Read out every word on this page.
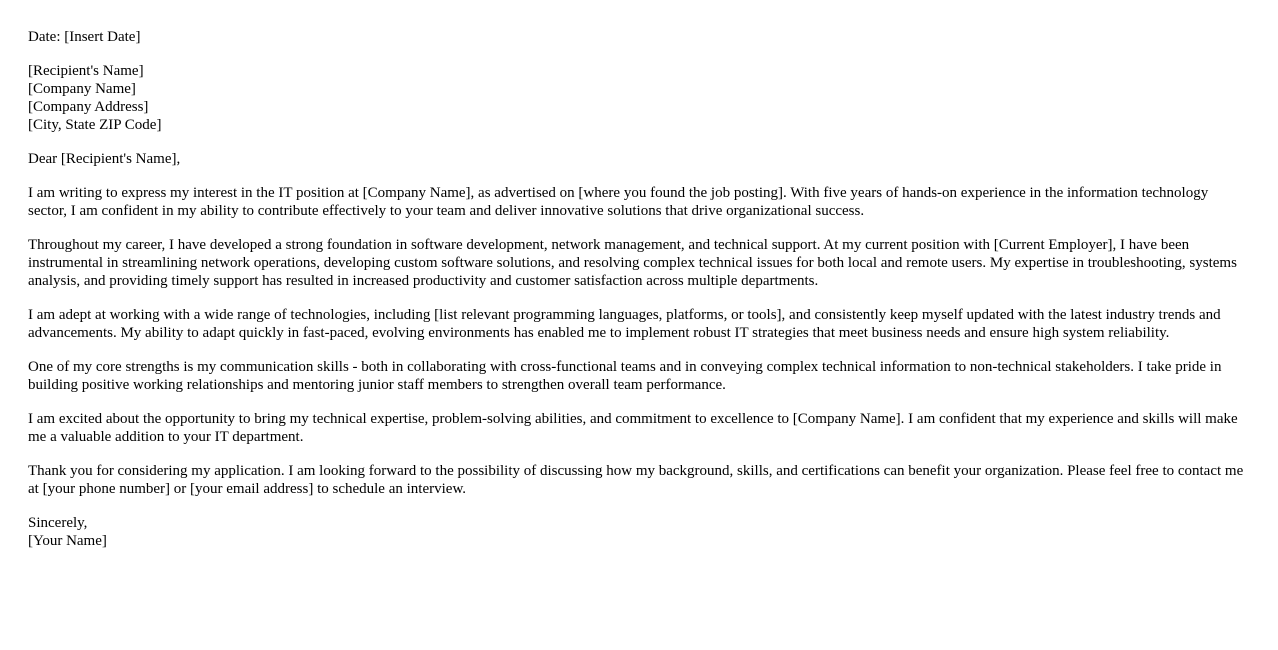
Date: [Insert Date]

[Recipient's Name]
[Company Name]
[Company Address]
[City, State ZIP Code]

Dear [Recipient's Name],

I am writing to express my interest in the IT position at [Company Name], as advertised on [where you found the job posting]. With five years of hands-on experience in the information technology sector, I am confident in my ability to contribute effectively to your team and deliver innovative solutions that drive organizational success.

Throughout my career, I have developed a strong foundation in software development, network management, and technical support. At my current position with [Current Employer], I have been instrumental in streamlining network operations, developing custom software solutions, and resolving complex technical issues for both local and remote users. My expertise in troubleshooting, systems analysis, and providing timely support has resulted in increased productivity and customer satisfaction across multiple departments.

I am adept at working with a wide range of technologies, including [list relevant programming languages, platforms, or tools], and consistently keep myself updated with the latest industry trends and advancements. My ability to adapt quickly in fast-paced, evolving environments has enabled me to implement robust IT strategies that meet business needs and ensure high system reliability.

One of my core strengths is my communication skills - both in collaborating with cross-functional teams and in conveying complex technical information to non-technical stakeholders. I take pride in building positive working relationships and mentoring junior staff members to strengthen overall team performance.

I am excited about the opportunity to bring my technical expertise, problem-solving abilities, and commitment to excellence to [Company Name]. I am confident that my experience and skills will make me a valuable addition to your IT department.

Thank you for considering my application. I am looking forward to the possibility of discussing how my background, skills, and certifications can benefit your organization. Please feel free to contact me at [your phone number] or [your email address] to schedule an interview.

Sincerely,
[Your Name]
